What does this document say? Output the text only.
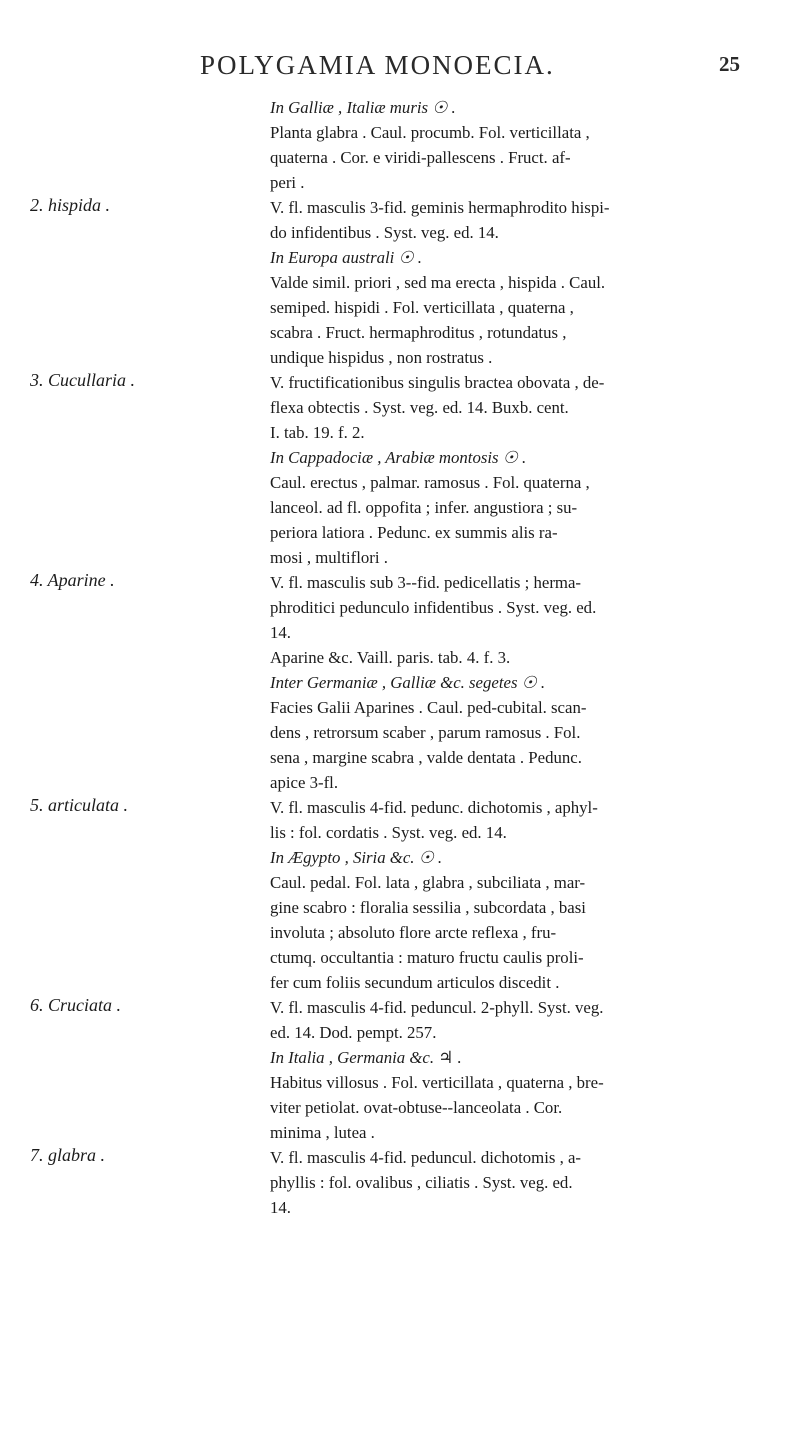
POLYGAMIA MONOECIA.	25
In Galliæ , Italiæ muris ☉ .
Planta glabra . Caul. procumb. Fol. verticillata ,
quaterna . Cor. e viridi-pallescens . Fruct. af-
peri .
2. hispida .	V. fl. masculis 3-fid. geminis hermaphrodito hispi-
do infidentibus . Syst. veg. ed. 14.
In Europa australi ☉ .
Valde simil. priori , sed ma erecta , hispida . Caul.
semiped. hispidi . Fol. verticillata , quaterna ,
scabra . Fruct. hermaphroditus , rotundatus ,
undique hispidus , non rostratus .
3. Cucullaria .	V. fructificationibus singulis bractea obovata , de-
flexa obtectis . Syst. veg. ed. 14. Buxb. cent.
I. tab. 19. f. 2.
In Cappadociæ , Arabiæ montosis ☉ .
Caul. erectus , palmar. ramosus . Fol. quaterna ,
lanceol. ad fl. oppofita ; infer. angustiora ; su-
periora latiora . Pedunc. ex summis alis ra-
mosi , multiflori .
4. Aparine .	V. fl. masculis sub 3--fid. pedicellatis ; herma-
phroditici pedunculo infidentibus . Syst. veg. ed.
14.
Aparine &c. Vaill. paris. tab. 4. f. 3.
Inter Germaniæ , Galliæ &c. segetes ☉ .
Facies Galii Aparines . Caul. ped-cubital. scan-
dens , retrorsum scaber , parum ramosus . Fol.
sena , margine scabra , valde dentata . Pedunc.
apice 3-fl.
5. articulata .	V. fl. masculis 4-fid. pedunc. dichotomis , aphyl-
lis : fol. cordatis . Syst. veg. ed. 14.
In Ægypto , Siria &c. ☉ .
Caul. pedal. Fol. lata , glabra , subciliata , mar-
gine scabro : floralia sessilia , subcordata , basi
involuta ; absoluto flore arcte reflexa , fru-
ctumq. occultantia : maturo fructu caulis proli-
fer cum foliis secundum articulos discedit .
6. Cruciata .	V. fl. masculis 4-fid. peduncul. 2-phyll. Syst. veg.
ed. 14. Dod. pempt. 257.
In Italia , Germania &c. ♃ .
Habitus villosus . Fol. verticillata , quaterna , bre-
viter petiolat. ovat-obtuse--lanceolata . Cor.
minima , lutea .
7. glabra .	V. fl. masculis 4-fid. peduncul. dichotomis , a-
phyllis : fol. ovalibus , ciliatis . Syst. veg. ed.
14.
